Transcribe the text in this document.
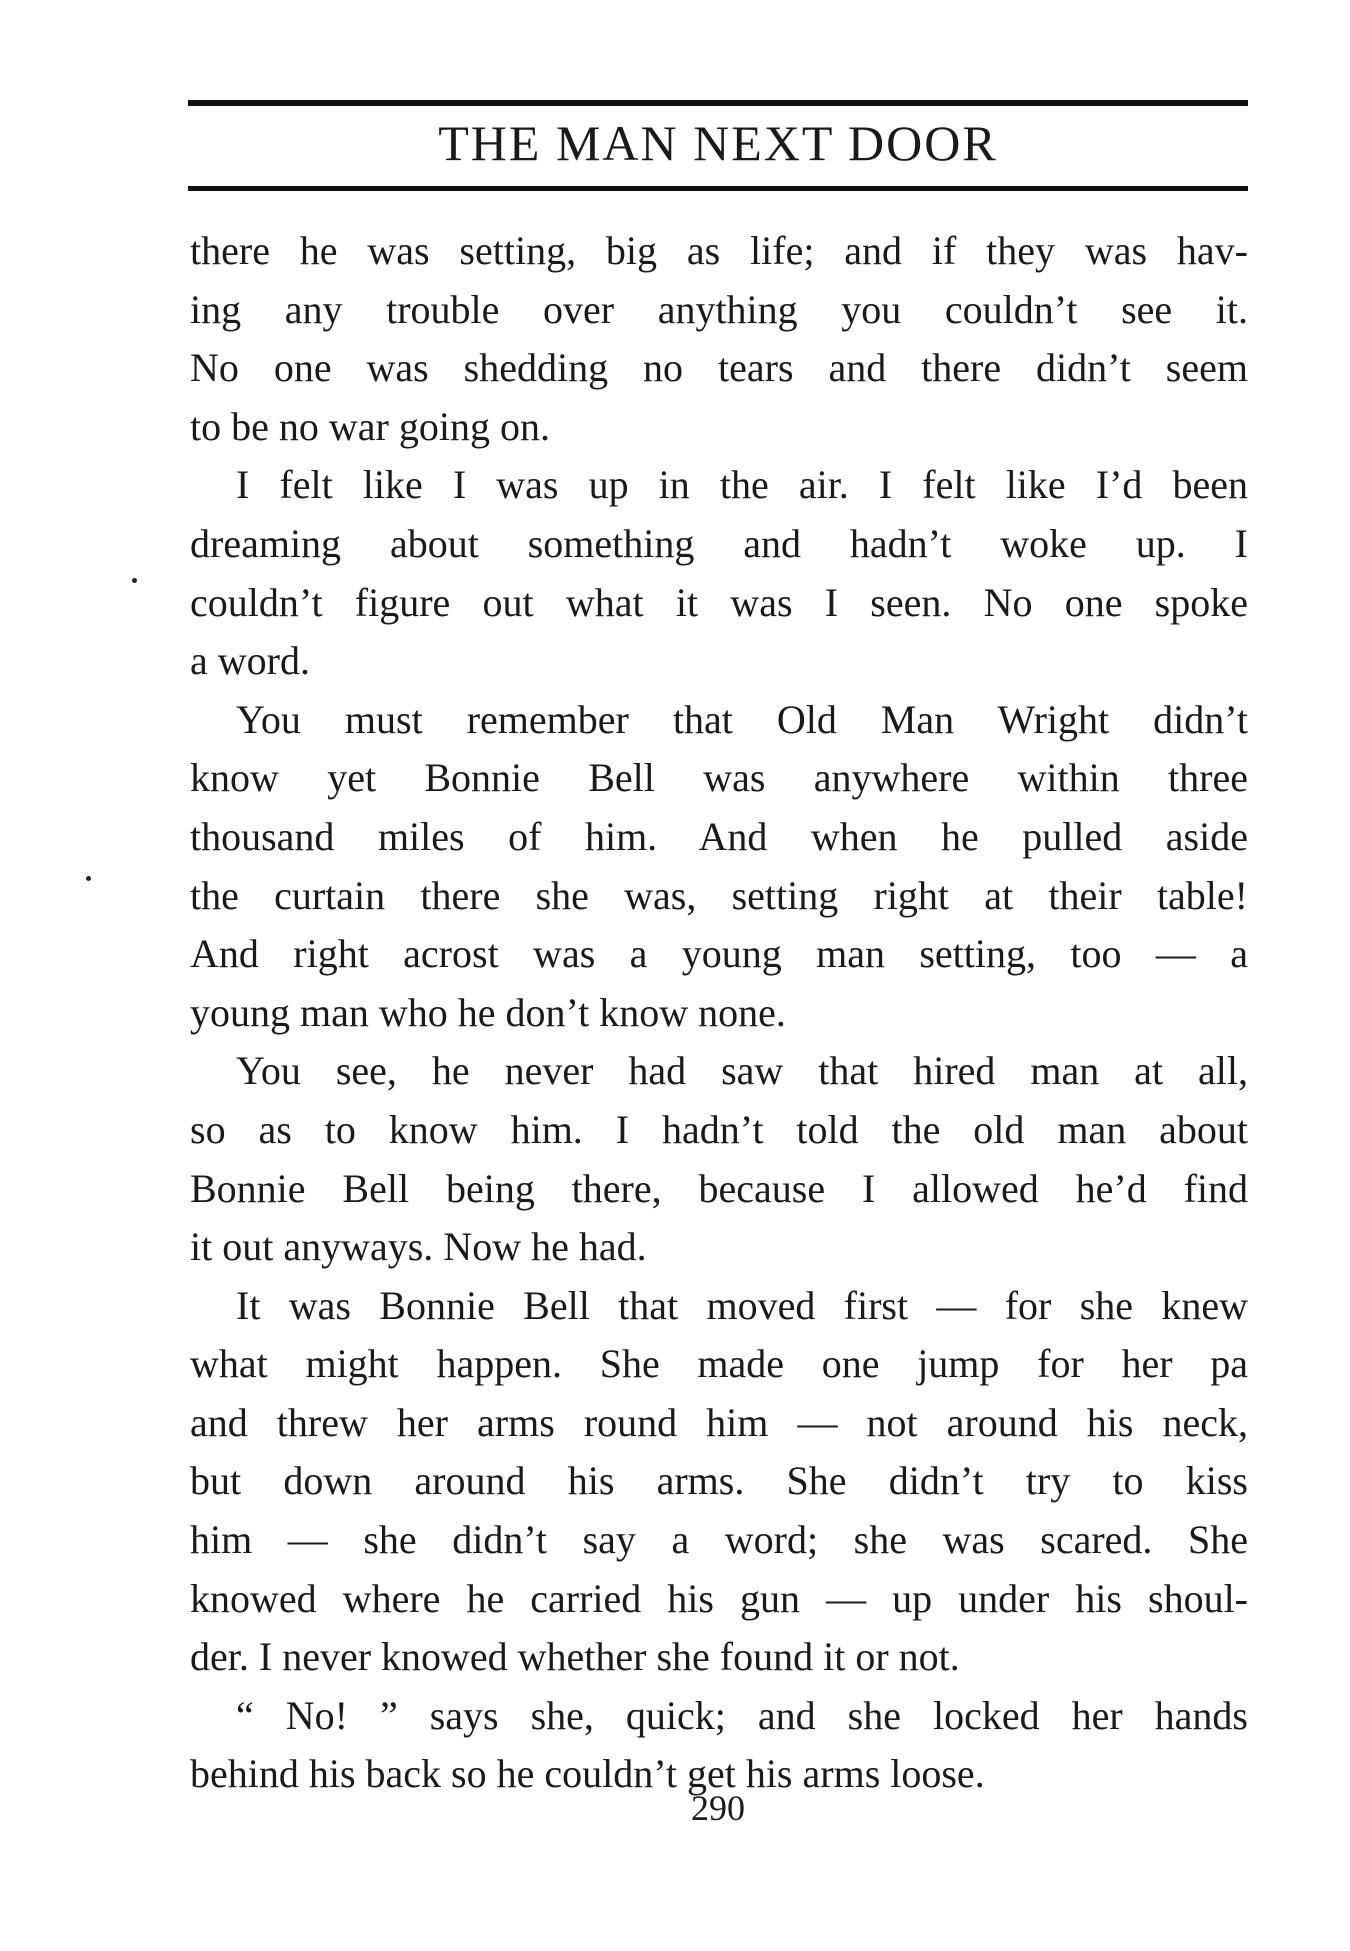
THE MAN NEXT DOOR

there he was setting, big as life; and if they was hav-
ing any trouble over anything you couldn’t see it.
No one was shedding no tears and there didn’t seem
to be no war going on.

I felt like I was up in the air. I felt like I’d been
dreaming about something and hadn’t woke up. I
couldn’t figure out what it was I seen. No one spoke
a word.

You must remember that Old Man Wright didn’t
know yet Bonnie Bell was anywhere within three
thousand miles of him. And when he pulled aside
the curtain there she was, setting right at their table!
And right acrost was a young man setting, too — a
young man who he don’t know none.

You see, he never had saw that hired man at all,
so as to know him. I hadn’t told the old man about
Bonnie Bell being there, because I allowed he’d find
it out anyways. Now he had.

It was Bonnie Bell that moved first — for she knew
what might happen. She made one jump for her pa
and threw her arms round him — not around his neck,
but down around his arms. She didn’t try to kiss
him — she didn’t say a word; she was scared. She
knowed where he carried his gun — up under his shoul-
der. I never knowed whether she found it or not.

“ No! ” says she, quick; and she locked her hands
behind his back so he couldn’t get his arms loose.

290
